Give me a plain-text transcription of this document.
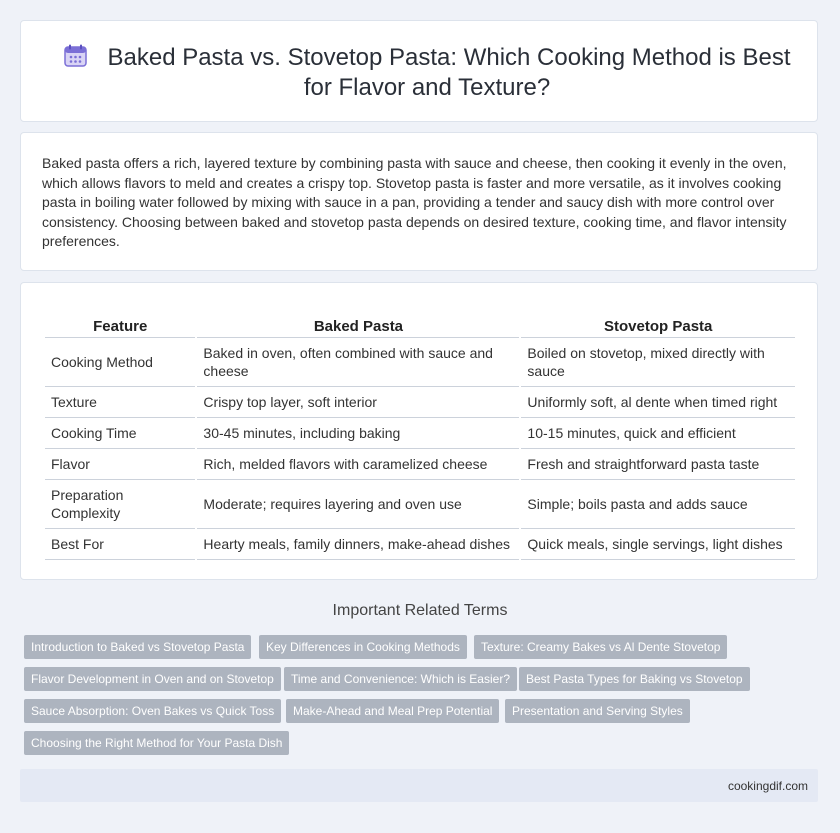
Baked Pasta vs. Stovetop Pasta: Which Cooking Method is Best for Flavor and Texture?
Baked pasta offers a rich, layered texture by combining pasta with sauce and cheese, then cooking it evenly in the oven, which allows flavors to meld and creates a crispy top. Stovetop pasta is faster and more versatile, as it involves cooking pasta in boiling water followed by mixing with sauce in a pan, providing a tender and saucy dish with more control over consistency. Choosing between baked and stovetop pasta depends on desired texture, cooking time, and flavor intensity preferences.
Feature	Baked Pasta	Stovetop Pasta
Cooking Method	Baked in oven, often combined with sauce and cheese	Boiled on stovetop, mixed directly with sauce
Texture	Crispy top layer, soft interior	Uniformly soft, al dente when timed right
Cooking Time	30-45 minutes, including baking	10-15 minutes, quick and efficient
Flavor	Rich, melded flavors with caramelized cheese	Fresh and straightforward pasta taste
Preparation Complexity	Moderate; requires layering and oven use	Simple; boils pasta and adds sauce
Best For	Hearty meals, family dinners, make-ahead dishes	Quick meals, single servings, light dishes
Important Related Terms
Introduction to Baked vs Stovetop Pasta	Key Differences in Cooking Methods	Texture: Creamy Bakes vs Al Dente Stovetop
Flavor Development in Oven and on Stovetop	Time and Convenience: Which is Easier?	Best Pasta Types for Baking vs Stovetop
Sauce Absorption: Oven Bakes vs Quick Toss	Make-Ahead and Meal Prep Potential	Presentation and Serving Styles
Choosing the Right Method for Your Pasta Dish
cookingdif.com
